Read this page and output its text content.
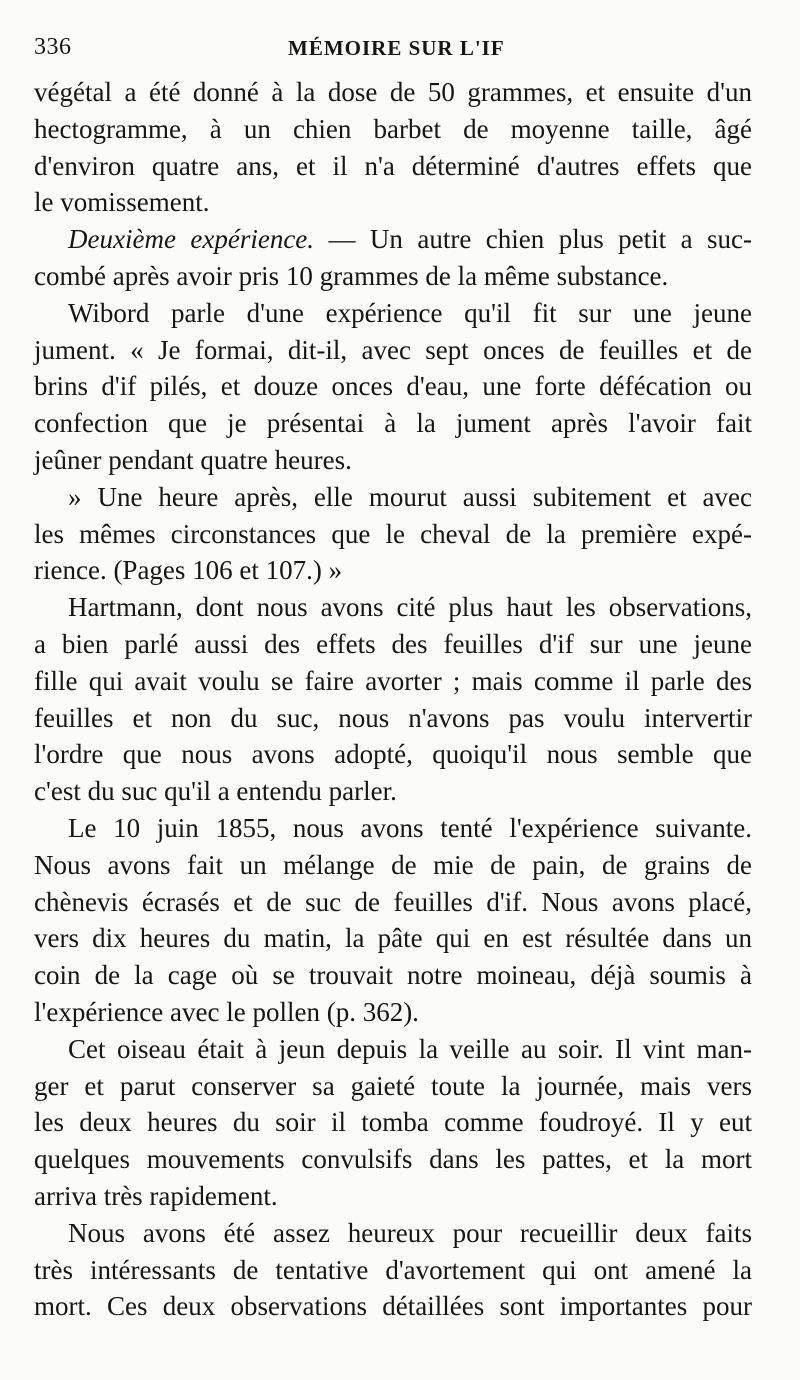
336	MÉMOIRE SUR L'IF
végétal a été donné à la dose de 50 grammes, et ensuite d'un
hectogramme, à un chien barbet de moyenne taille, âgé
d'environ quatre ans, et il n'a déterminé d'autres effets que
le vomissement.
Deuxième expérience. — Un autre chien plus petit a suc-
combé après avoir pris 10 grammes de la même substance.
Wibord parle d'une expérience qu'il fit sur une jeune
jument. « Je formai, dit-il, avec sept onces de feuilles et de
brins d'if pilés, et douze onces d'eau, une forte défécation ou
confection que je présentai à la jument après l'avoir fait
jeûner pendant quatre heures.
» Une heure après, elle mourut aussi subitement et avec
les mêmes circonstances que le cheval de la première expé-
rience. (Pages 106 et 107.) »
Hartmann, dont nous avons cité plus haut les observations,
a bien parlé aussi des effets des feuilles d'if sur une jeune
fille qui avait voulu se faire avorter ; mais comme il parle des
feuilles et non du suc, nous n'avons pas voulu intervertir
l'ordre que nous avons adopté, quoiqu'il nous semble que
c'est du suc qu'il a entendu parler.
Le 10 juin 1855, nous avons tenté l'expérience suivante.
Nous avons fait un mélange de mie de pain, de grains de
chènevis écrasés et de suc de feuilles d'if. Nous avons placé,
vers dix heures du matin, la pâte qui en est résultée dans un
coin de la cage où se trouvait notre moineau, déjà soumis à
l'expérience avec le pollen (p. 362).
Cet oiseau était à jeun depuis la veille au soir. Il vint man-
ger et parut conserver sa gaieté toute la journée, mais vers
les deux heures du soir il tomba comme foudroyé. Il y eut
quelques mouvements convulsifs dans les pattes, et la mort
arriva très rapidement.
Nous avons été assez heureux pour recueillir deux faits
très intéressants de tentative d'avortement qui ont amené la
mort. Ces deux observations détaillées sont importantes pour
